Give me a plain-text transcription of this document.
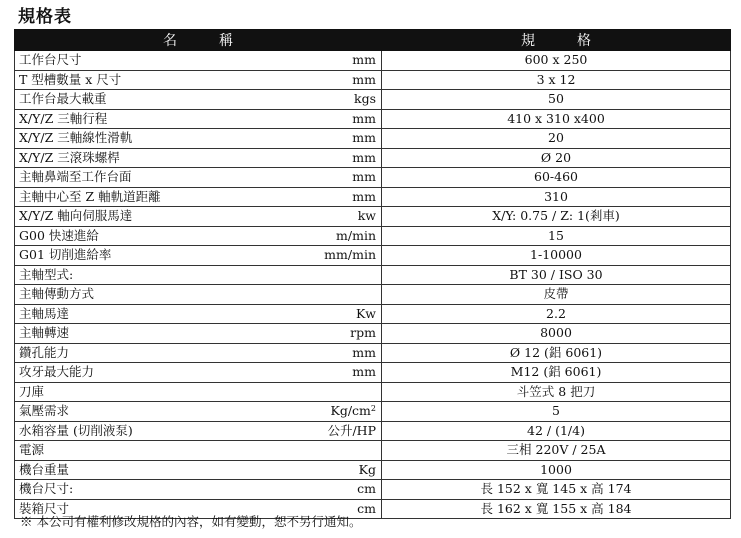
規格表
名　　　稱	規　　　格

工作台尺寸 mm	600 x 250

T 型槽數量 x 尺寸 mm	3 x 12

工作台最大載重 kgs	50

X/Y/Z 三軸行程 mm	410 x 310 x400

X/Y/Z 三軸線性滑軌 mm	20

X/Y/Z 三滾珠螺桿 mm	Ø 20

主軸鼻端至工作台面 mm	60-460

主軸中心至 Z 軸軌道距離 mm	310

X/Y/Z 軸向伺服馬達 kw	X/Y: 0.75 / Z: 1(剎車)

G00 快速進給 m/min	15

G01 切削進給率 mm/min	1-10000

主軸型式:	BT 30 / ISO 30

主軸傳動方式	皮帶

主軸馬達 Kw	2.2

主軸轉速 rpm	8000

鑽孔能力 mm	Ø 12 (鋁 6061)

攻牙最大能力 mm	M12 (鋁 6061)

刀庫	斗笠式 8 把刀

氣壓需求 $Kg/cm^2$	5

水箱容量 (切削液泵) 公升/HP	42 / (1/4)

電源	三相 220V / 25A

機台重量 Kg	1000

機台尺寸: cm	長 152 x 寬 145 x 高 174

裝箱尺寸 cm	長 162 x 寬 155 x 高 184
※ 本公司有權利修改規格的內容，如有變動，恕不另行通知。
